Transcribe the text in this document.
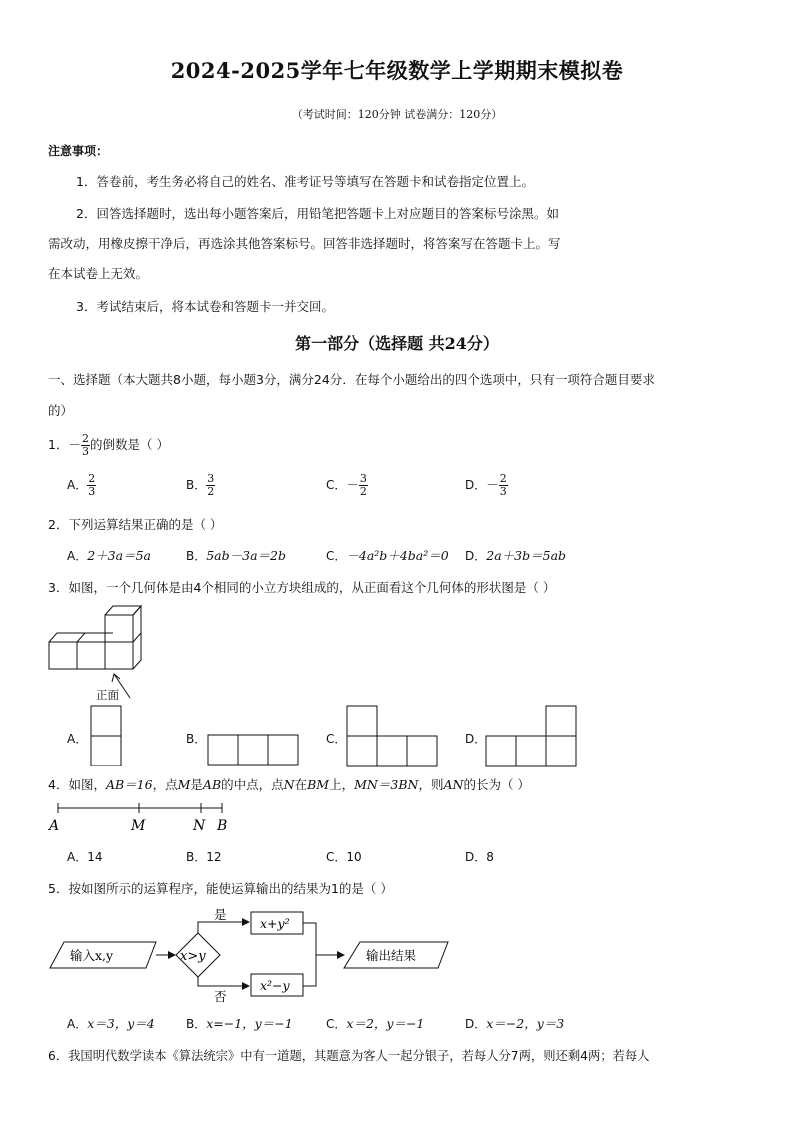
2024-2025学年七年级数学上学期期末模拟卷
（考试时间：120分钟 试卷满分：120分）
注意事项：
1．答卷前，考生务必将自己的姓名、准考证号等填写在答题卡和试卷指定位置上。
2．回答选择题时，选出每小题答案后，用铅笔把答题卡上对应题目的答案标号涂黑。如
需改动，用橡皮擦干净后，再选涂其他答案标号。回答非选择题时，将答案写在答题卡上。写
在本试卷上无效。
3．考试结束后，将本试卷和答题卡一并交回。
第一部分（选择题 共24分）
一、选择题（本大题共8小题，每小题3分，满分24分．在每个小题给出的四个选项中，只有一项符合题目要求
的）
1．－ $\frac{2}{3}$ 的倒数是（ ）
A． $\frac{2}{3}$	B． $\frac{3}{2}$	C．－ $\frac{3}{2}$	D．－ $\frac{2}{3}$
2．下列运算结果正确的是（ ）
A．2＋3a＝5a	B．5ab－3a＝2b	C．－4a²b＋4ba²＝0 D．2a＋3b＝5ab
3．如图，一个几何体是由4个相同的小立方块组成的，从正面看这个几何体的形状图是（ ）
正面
A．	B．	C．	D．
4．如图，AB＝16，点M是AB的中点，点N在BM上，MN＝3BN，则AN的长为（ ）
A	M	N B
A．14	B．12	C．10	D．8
5．按如图所示的运算程序，能使运算输出的结果为1的是（ ）
输入x,y	x>y
是
否
x+y²
x²−y
输出结果
A．x＝3，y＝4	B．x=−1，y＝−1	C．x＝2，y＝−1	D．x＝−2，y＝3
6．我国明代数学读本《算法统宗》中有一道题，其题意为客人一起分银子，若每人分7两，则还剩4两；若每人
